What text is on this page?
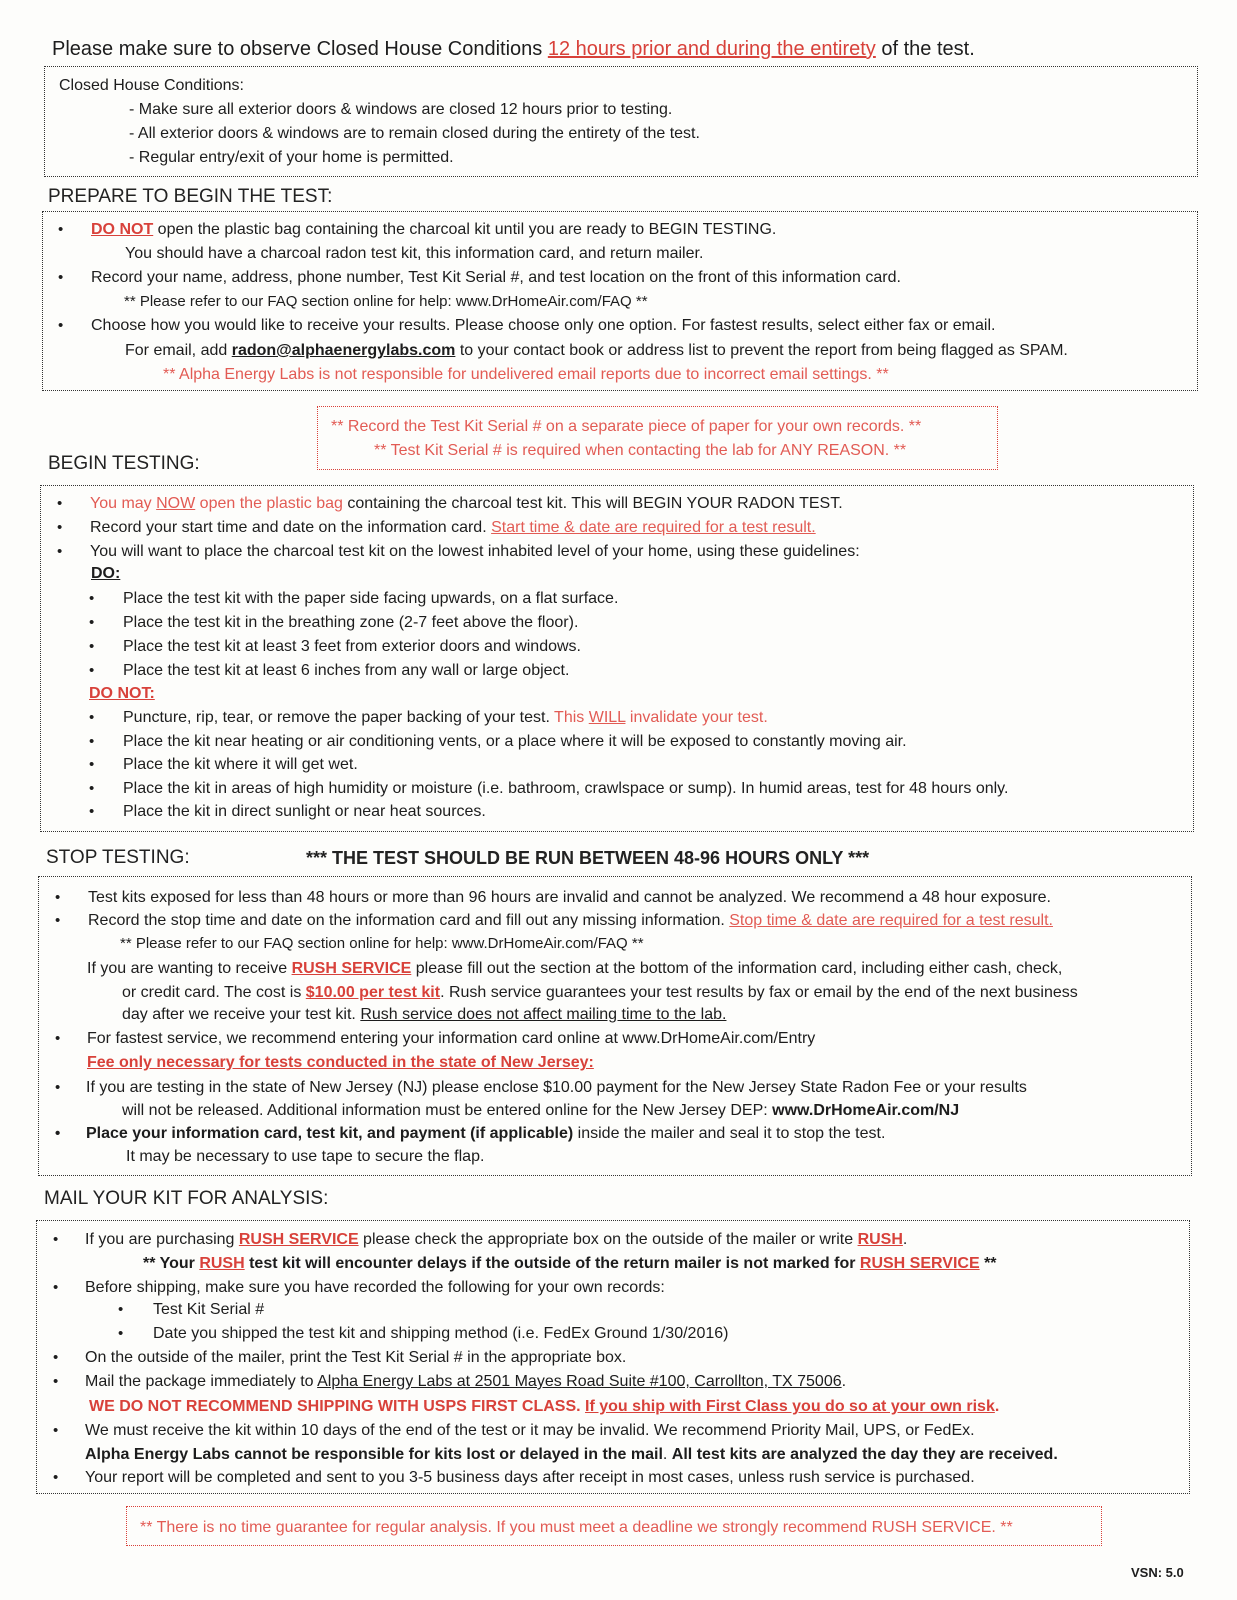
Please make sure to observe Closed House Conditions 12 hours prior and during the entirety of the test.
Closed House Conditions:
- Make sure all exterior doors & windows are closed 12 hours prior to testing.
- All exterior doors & windows are to remain closed during the entirety of the test.
- Regular entry/exit of your home is permitted.
PREPARE TO BEGIN THE TEST:
• DO NOT open the plastic bag containing the charcoal kit until you are ready to BEGIN TESTING.
You should have a charcoal radon test kit, this information card, and return mailer.
• Record your name, address, phone number, Test Kit Serial #, and test location on the front of this information card.
** Please refer to our FAQ section online for help: www.DrHomeAir.com/FAQ **
• Choose how you would like to receive your results. Please choose only one option. For fastest results, select either fax or email.
For email, add radon@alphaenergylabs.com to your contact book or address list to prevent the report from being flagged as SPAM.
** Alpha Energy Labs is not responsible for undelivered email reports due to incorrect email settings. **
** Record the Test Kit Serial # on a separate piece of paper for your own records. **
** Test Kit Serial # is required when contacting the lab for ANY REASON. **
BEGIN TESTING:
• You may NOW open the plastic bag containing the charcoal test kit. This will BEGIN YOUR RADON TEST.
• Record your start time and date on the information card. Start time & date are required for a test result.
• You will want to place the charcoal test kit on the lowest inhabited level of your home, using these guidelines:
DO:
• Place the test kit with the paper side facing upwards, on a flat surface.
• Place the test kit in the breathing zone (2-7 feet above the floor).
• Place the test kit at least 3 feet from exterior doors and windows.
• Place the test kit at least 6 inches from any wall or large object.
DO NOT:
• Puncture, rip, tear, or remove the paper backing of your test. This WILL invalidate your test.
• Place the kit near heating or air conditioning vents, or a place where it will be exposed to constantly moving air.
• Place the kit where it will get wet.
• Place the kit in areas of high humidity or moisture (i.e. bathroom, crawlspace or sump). In humid areas, test for 48 hours only.
• Place the kit in direct sunlight or near heat sources.
STOP TESTING:	*** THE TEST SHOULD BE RUN BETWEEN 48-96 HOURS ONLY ***
• Test kits exposed for less than 48 hours or more than 96 hours are invalid and cannot be analyzed. We recommend a 48 hour exposure.
• Record the stop time and date on the information card and fill out any missing information. Stop time & date are required for a test result.
** Please refer to our FAQ section online for help: www.DrHomeAir.com/FAQ **
If you are wanting to receive RUSH SERVICE please fill out the section at the bottom of the information card, including either cash, check,
or credit card. The cost is $10.00 per test kit. Rush service guarantees your test results by fax or email by the end of the next business
day after we receive your test kit. Rush service does not affect mailing time to the lab.
• For fastest service, we recommend entering your information card online at www.DrHomeAir.com/Entry
Fee only necessary for tests conducted in the state of New Jersey:
• If you are testing in the state of New Jersey (NJ) please enclose $10.00 payment for the New Jersey State Radon Fee or your results
will not be released. Additional information must be entered online for the New Jersey DEP: www.DrHomeAir.com/NJ
• Place your information card, test kit, and payment (if applicable) inside the mailer and seal it to stop the test.
It may be necessary to use tape to secure the flap.
MAIL YOUR KIT FOR ANALYSIS:
• If you are purchasing RUSH SERVICE please check the appropriate box on the outside of the mailer or write RUSH.
** Your RUSH test kit will encounter delays if the outside of the return mailer is not marked for RUSH SERVICE **
• Before shipping, make sure you have recorded the following for your own records:
• Test Kit Serial #
• Date you shipped the test kit and shipping method (i.e. FedEx Ground 1/30/2016)
• On the outside of the mailer, print the Test Kit Serial # in the appropriate box.
• Mail the package immediately to Alpha Energy Labs at 2501 Mayes Road Suite #100, Carrollton, TX 75006.
WE DO NOT RECOMMEND SHIPPING WITH USPS FIRST CLASS. If you ship with First Class you do so at your own risk.
• We must receive the kit within 10 days of the end of the test or it may be invalid. We recommend Priority Mail, UPS, or FedEx.
Alpha Energy Labs cannot be responsible for kits lost or delayed in the mail. All test kits are analyzed the day they are received.
• Your report will be completed and sent to you 3-5 business days after receipt in most cases, unless rush service is purchased.
** There is no time guarantee for regular analysis. If you must meet a deadline we strongly recommend RUSH SERVICE. **
VSN: 5.0
